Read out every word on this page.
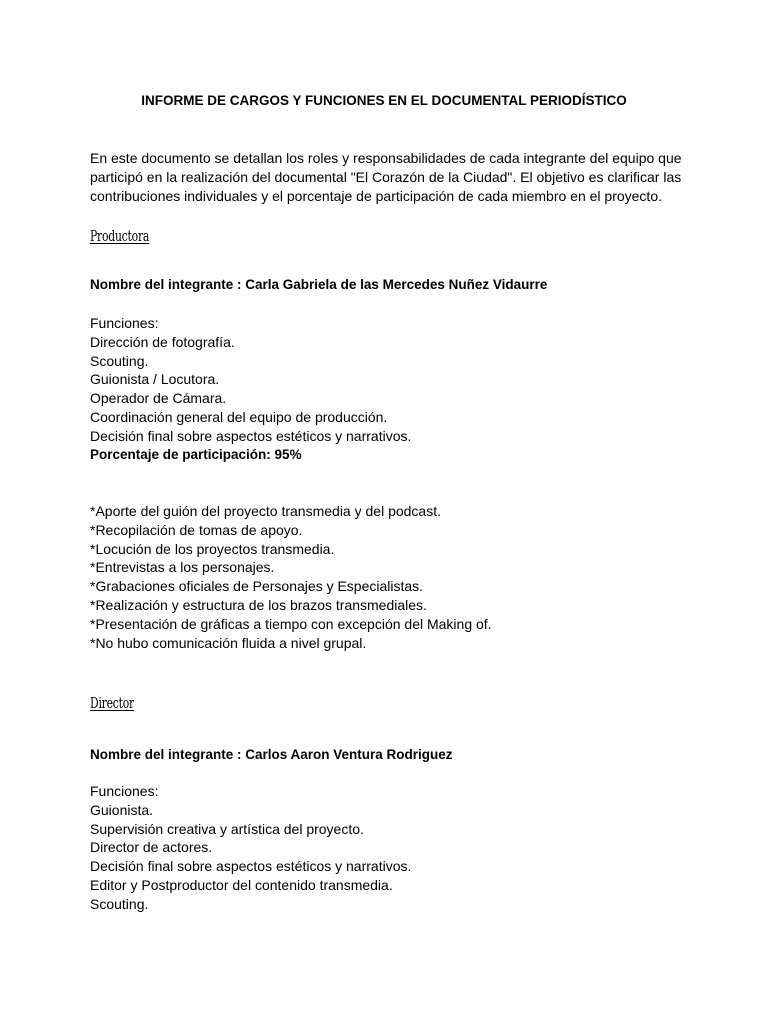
INFORME DE CARGOS Y FUNCIONES EN EL DOCUMENTAL PERIODÍSTICO
En este documento se detallan los roles y responsabilidades de cada integrante del equipo que
participó en la realización del documental "El Corazón de la Ciudad". El objetivo es clarificar las
contribuciones individuales y el porcentaje de participación de cada miembro en el proyecto.
Productora
Nombre del integrante : Carla Gabriela de las Mercedes Nuñez Vidaurre
Funciones:
Dirección de fotografía.
Scouting.
Guionista / Locutora.
Operador de Cámara.
Coordinación general del equipo de producción.
Decisión final sobre aspectos estéticos y narrativos.
Porcentaje de participación: 95%
*Aporte del guión del proyecto transmedia y del podcast.
*Recopilación de tomas de apoyo.
*Locución de los proyectos transmedia.
*Entrevistas a los personajes.
*Grabaciones oficiales de Personajes y Especialistas.
*Realización y estructura de los brazos transmediales.
*Presentación de gráficas a tiempo con excepción del Making of.
*No hubo comunicación fluida a nivel grupal.
Director
Nombre del integrante : Carlos Aaron Ventura Rodriguez
Funciones:
Guionista.
Supervisión creativa y artística del proyecto.
Director de actores.
Decisión final sobre aspectos estéticos y narrativos.
Editor y Postproductor del contenido transmedia.
Scouting.
